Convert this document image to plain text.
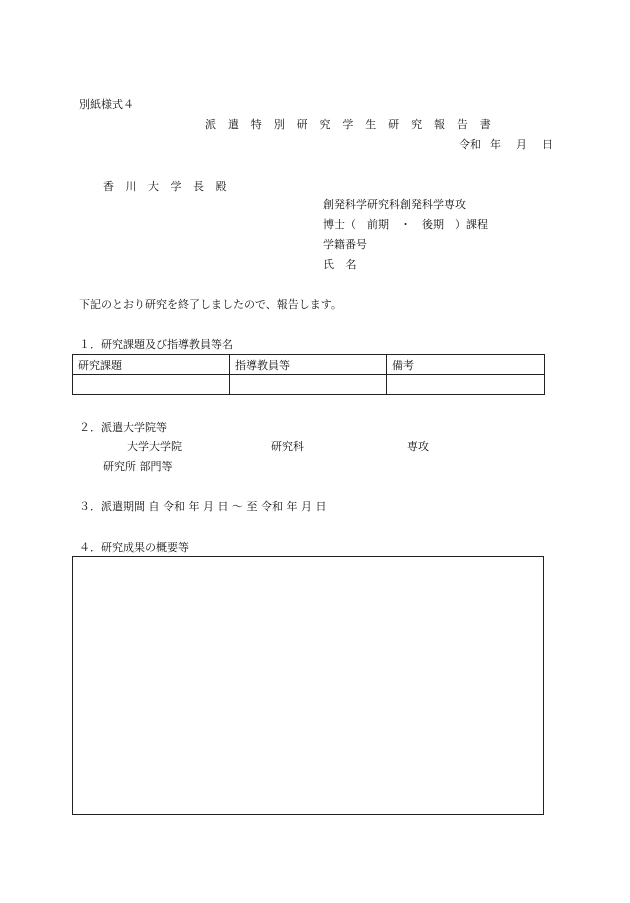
別紙様式４
派 遣 特 別 研 究 学 生 研 究 報 告 書
令和 年 月 日
香 川 大 学 長 殿
創発科学研究科創発科学専攻
博士（　前期　・　後期　）課程
学籍番号
氏 名
下記のとおり研究を終了しましたので、報告します。
１．研究課題及び指導教員等名
研究課題	指導教員等	備考

２．派遣大学院等
大学大学院	研究科	専攻
研究所 部門等
３．派遣期間 自 令和 年 月 日 ～ 至 令和 年 月 日
４．研究成果の概要等
